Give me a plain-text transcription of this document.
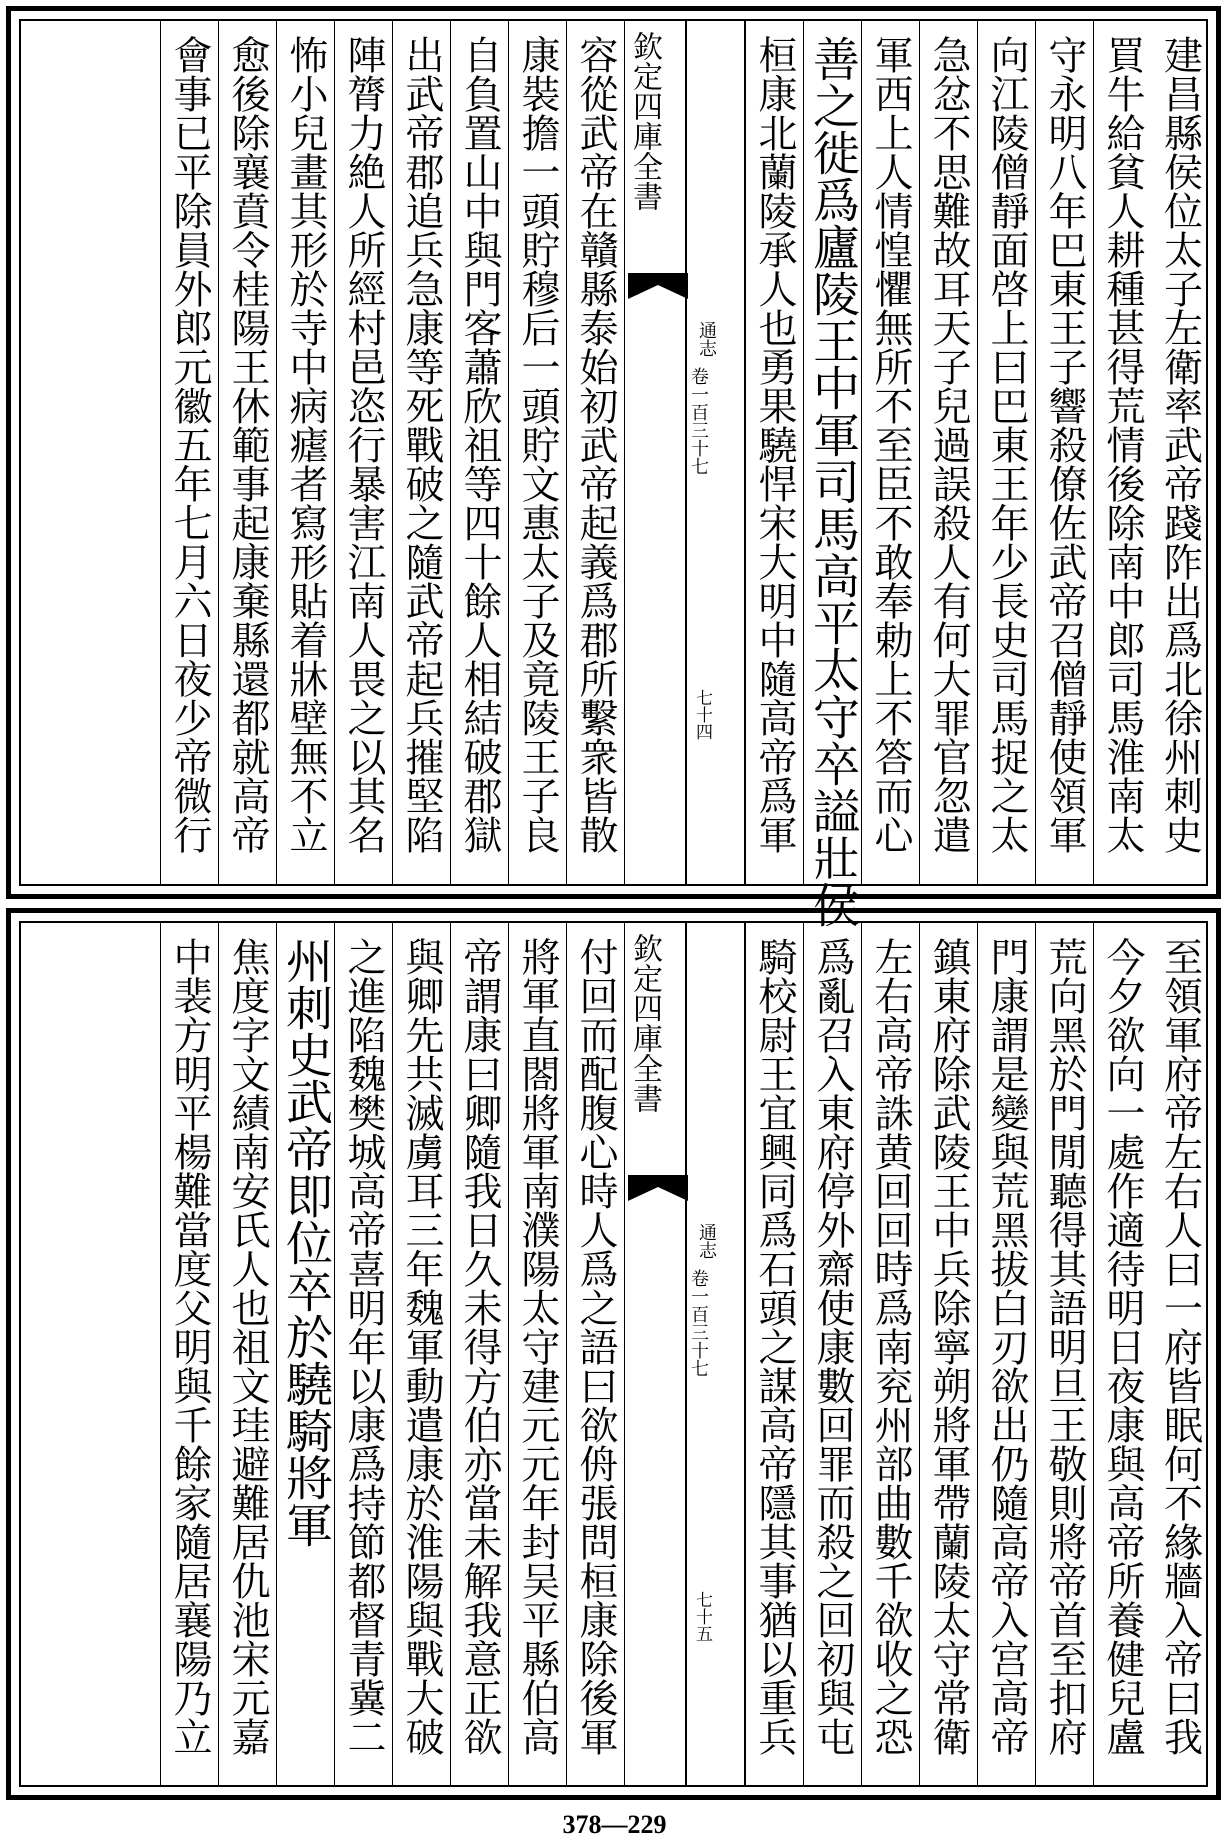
建昌縣侯位太子左衛率武帝踐阼出爲北徐州刺史
買牛給貧人耕種甚得荒情後除南中郎司馬淮南太
守永明八年巴東王子響殺僚佐武帝召僧靜使領軍
向江陵僧靜面啓上曰巴東王年少長史司馬捉之太
急忿不思難故耳天子兒過誤殺人有何大罪官忽遣
軍西上人情惶懼無所不至臣不敢奉勅上不答而心
善之徙爲廬陵王中軍司馬高平太守卒謚壯侯
桓康北蘭陵承人也勇果驍悍宋大明中隨高帝爲軍
欽定四庫全書
通志
卷一百三十七
七十四
容從武帝在贛縣泰始初武帝起義爲郡所繫衆皆散
康裝擔一頭貯穆后一頭貯文惠太子及竟陵王子良
自負置山中與門客蕭欣祖等四十餘人相結破郡獄
出武帝郡追兵急康等死戰破之隨武帝起兵摧堅陷
陣膂力絶人所經村邑恣行暴害江南人畏之以其名
怖小兒畫其形於寺中病瘧者寫形貼着牀壁無不立
愈後除襄賁令桂陽王休範事起康棄縣還都就高帝
會事已平除員外郎元徽五年七月六日夜少帝微行
至領軍府帝左右人曰一府皆眠何不緣牆入帝曰我
今夕欲向一處作適待明日夜康與高帝所養健兒盧
荒向黑於門閒聽得其語明旦王敬則將帝首至扣府
門康謂是變與荒黑拔白刃欲出仍隨高帝入宫高帝
鎮東府除武陵王中兵除寧朔將軍帶蘭陵太守常衛
左右高帝誅黄回回時爲南兖州部曲數千欲收之恐
爲亂召入東府停外齋使康數回罪而殺之回初與屯
騎校尉王宜興同爲石頭之謀高帝隱其事猶以重兵
欽定四庫全書
通志
卷一百三十七
七十五
付回而配腹心時人爲之語曰欲侜張問桓康除後軍
將軍直閤將軍南濮陽太守建元元年封吴平縣伯高
帝謂康曰卿隨我日久未得方伯亦當未解我意正欲
與卿先共滅虜耳三年魏軍動遣康於淮陽與戰大破
之進陷魏樊城高帝喜明年以康爲持節都督青冀二
州刺史武帝即位卒於驍騎將軍
焦度字文績南安氏人也祖文珪避難居仇池宋元嘉
中裴方明平楊難當度父明與千餘家隨居襄陽乃立
378—229
